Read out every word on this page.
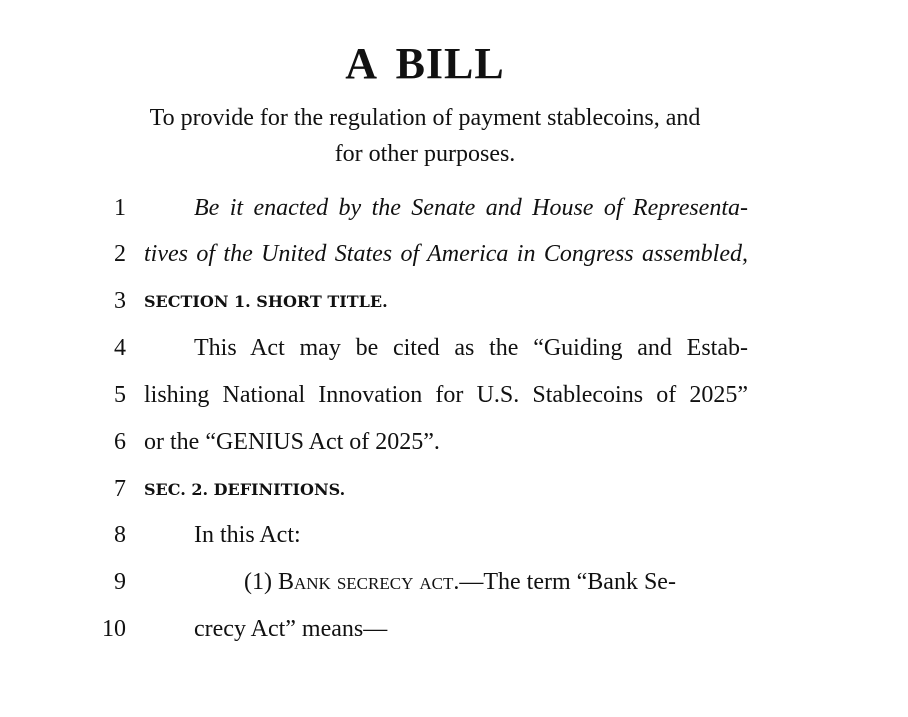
A BILL
To provide for the regulation of payment stablecoins, and
for other purposes.
1	Be it enacted by the Senate and House of Representa-
2 tives of the United States of America in Congress assembled,
3 SECTION 1. SHORT TITLE.
4	This Act may be cited as the “Guiding and Estab-
5 lishing National Innovation for U.S. Stablecoins of 2025”
6 or the “GENIUS Act of 2025”.
7 SEC. 2. DEFINITIONS.
8	In this Act:
9	(1) Bank secrecy act.—The term “Bank Se-
10	crecy Act” means—
